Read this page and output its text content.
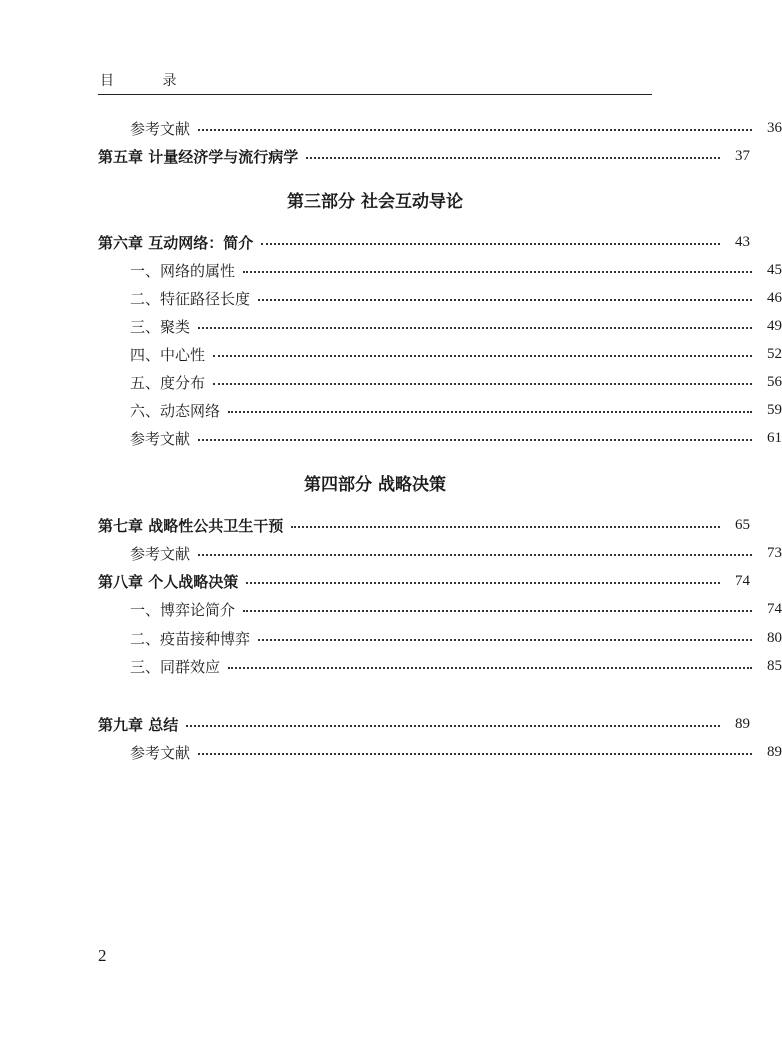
目 录
参考文献	36
第五章 计量经济学与流行病学	37
第三部分 社会互动导论
第六章 互动网络：简介	43
一、网络的属性	45
二、特征路径长度	46
三、聚类	49
四、中心性	52
五、度分布	56
六、动态网络	59
参考文献	61
第四部分 战略决策
第七章 战略性公共卫生干预	65
参考文献	73
第八章 个人战略决策	74
一、博弈论简介	74
二、疫苗接种博弈	80
三、同群效应	85
第九章 总结	89
参考文献	89
2
